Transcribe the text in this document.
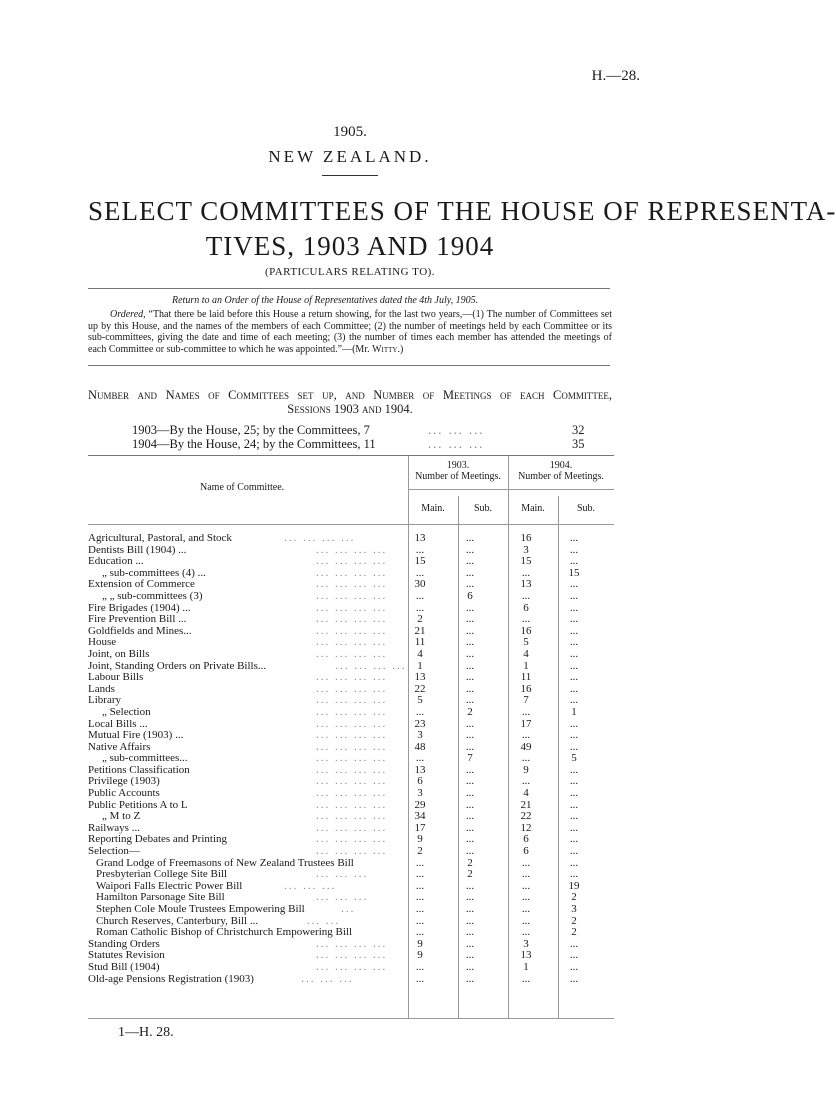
H.—28.
1905.
NEW ZEALAND.
SELECT COMMITTEES OF THE HOUSE OF REPRESENTA-
TIVES, 1903 AND 1904
(PARTICULARS RELATING TO).
Return to an Order of the House of Representatives dated the 4th July, 1905.
Ordered, “That there be laid before this House a return showing, for the last two years,—(1) The number of Committees set up by this House, and the names of the members of each Committee; (2) the number of meetings held by each Committee or its sub-committees, giving the date and time of each meeting; (3) the number of times each member has attended the meetings of each Committee or sub-committee to which he was appointed.”—(Mr. Witty.)
Number and Names of Committees set up, and Number of Meetings of each Committee,
Sessions 1903 and 1904.
1903—By the House, 25; by the Committees, 7	... ... ...	32
1904—By the House, 24; by the Committees, 11	... ... ...	35
Name of Committee.
1903.
Number of Meetings.
1904.
Number of Meetings.
Main.	Sub.	Main.	Sub.
Agricultural, Pastoral, and Stock	... ... ... ...	13	...	16	...
Dentists Bill (1904) ...	... ... ... ...	...	...	3	...
Education ...	... ... ... ...	15	...	15	...
„ sub-committees (4) ...	... ... ... ...	...	...	...	15
Extension of Commerce	... ... ... ...	30	...	13	...
„ „ sub-committees (3)	... ... ... ...	...	6	...	...
Fire Brigades (1904) ...	... ... ... ...	...	...	6	...
Fire Prevention Bill ...	... ... ... ...	2	...	...	...
Goldfields and Mines...	... ... ... ...	21	...	16	...
House	... ... ... ...	11	...	5	...
Joint, on Bills	... ... ... ...	4	...	4	...
Joint, Standing Orders on Private Bills...	... ... ... ... 1	...	1	...
Labour Bills	... ... ... ...	13	...	11	...
Lands	... ... ... ...	22	...	16	...
Library	... ... ... ...	5	...	7	...
„ Selection	... ... ... ...	...	2	...	1
Local Bills ...	... ... ... ...	23	...	17	...
Mutual Fire (1903) ...	... ... ... ...	3	...	...	...
Native Affairs	... ... ... ...	48	...	49	...
„ sub-committees...	... ... ... ...	...	7	...	5
Petitions Classification	... ... ... ...	13	...	9	...
Privilege (1903)	... ... ... ...	6	...	...	...
Public Accounts	... ... ... ...	3	...	4	...
Public Petitions A to L	... ... ... ...	29	...	21	...
„ M to Z	... ... ... ...	34	...	22	...
Railways ...	... ... ... ...	17	...	12	...
Reporting Debates and Printing	... ... ... ...	9	...	6	...
Selection—	... ... ... ...	2	...	6	...
Grand Lodge of Freemasons of New Zealand Trustees Bill	...	2	...	...
Presbyterian College Site Bill	... ... ...	...	2	...	...
Waipori Falls Electric Power Bill	... ... ...	...	...	...	19
Hamilton Parsonage Site Bill	... ... ...	...	...	...	2
Stephen Cole Moule Trustees Empowering Bill	...	...	...	...	3
Church Reserves, Canterbury, Bill ...	... ...	...	...	...	2
Roman Catholic Bishop of Christchurch Empowering Bill	...	...	...	2
Standing Orders	... ... ... ...	9	...	3	...
Statutes Revision	... ... ... ...	9	...	13	...
Stud Bill (1904)	... ... ... ...	...	...	1	...
Old-age Pensions Registration (1903)	... ... ...	...	...	...	...
1—H. 28.
